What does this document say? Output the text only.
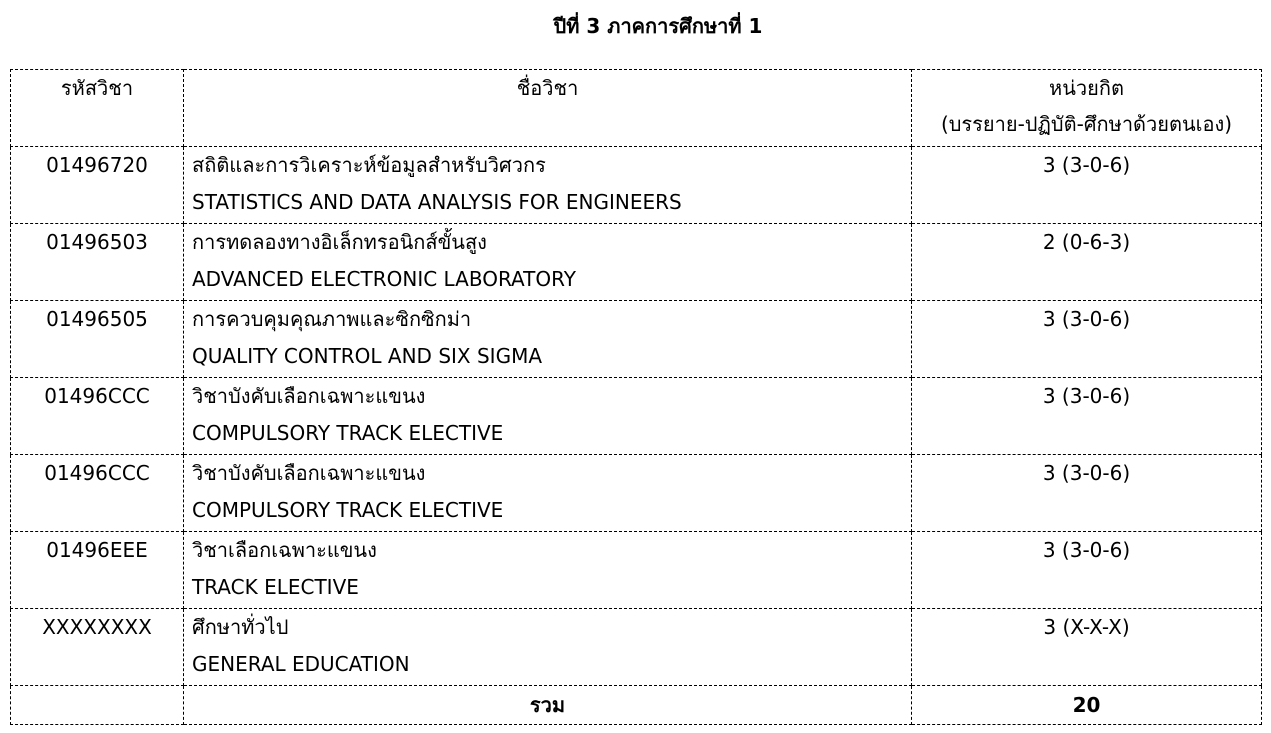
ปีที่ 3 ภาคการศึกษาที่ 1
รหัสวิชา	ชื่อวิชา	หน่วยกิต
(บรรยาย-ปฏิบัติ-ศึกษาด้วยตนเอง)

01496720	สถิติและการวิเคราะห์ข้อมูลสำหรับวิศวกร
STATISTICS AND DATA ANALYSIS FOR ENGINEERS	3 (3-0-6)

01496503	การทดลองทางอิเล็กทรอนิกส์ขั้นสูง
ADVANCED ELECTRONIC LABORATORY	2 (0-6-3)

01496505	การควบคุมคุณภาพและซิกซิกม่า
QUALITY CONTROL AND SIX SIGMA	3 (3-0-6)

01496CCC	วิชาบังคับเลือกเฉพาะแขนง
COMPULSORY TRACK ELECTIVE	3 (3-0-6)

01496CCC	วิชาบังคับเลือกเฉพาะแขนง
COMPULSORY TRACK ELECTIVE	3 (3-0-6)

01496EEE	วิชาเลือกเฉพาะแขนง
TRACK ELECTIVE	3 (3-0-6)

XXXXXXXX	ศึกษาทั่วไป
GENERAL EDUCATION	3 (X-X-X)

	รวม	20
